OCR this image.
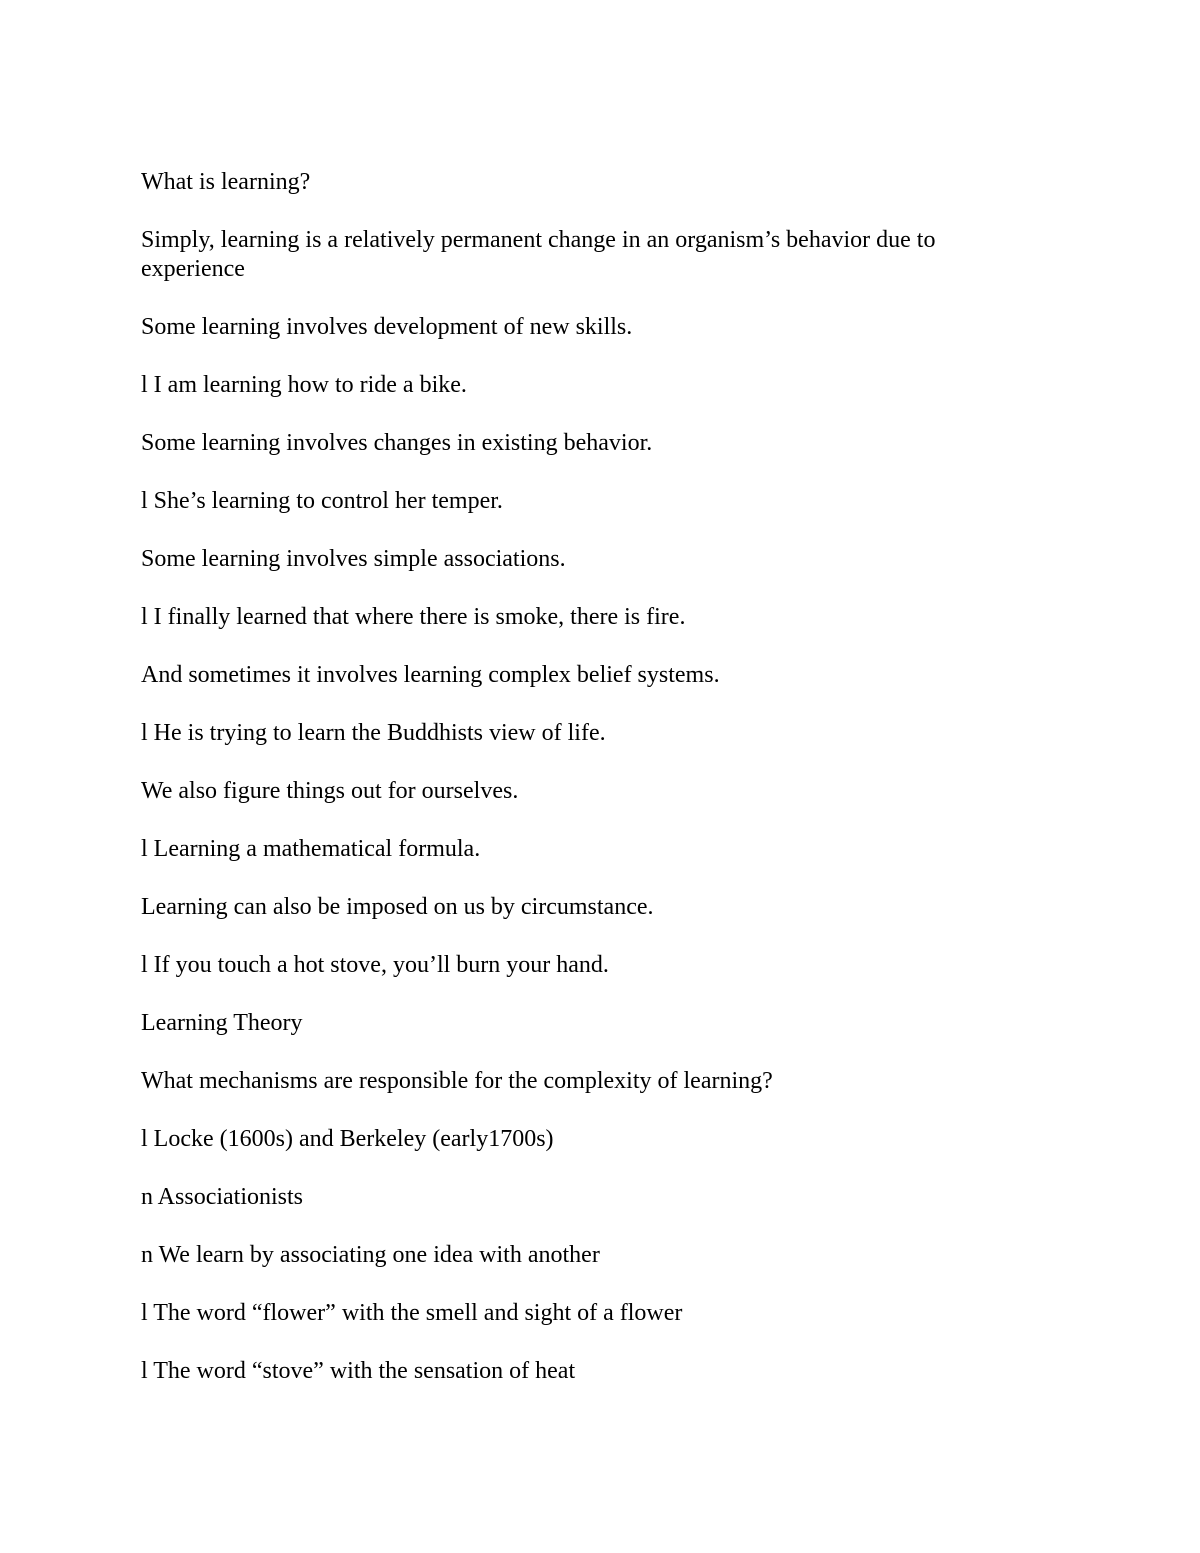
What is learning?

Simply, learning is a relatively permanent change in an organism’s behavior due to experience

Some learning involves development of new skills.

l I am learning how to ride a bike.

Some learning involves changes in existing behavior.

l She’s learning to control her temper.

Some learning involves simple associations.

l I finally learned that where there is smoke, there is fire.

And sometimes it involves learning complex belief systems.

l He is trying to learn the Buddhists view of life.

We also figure things out for ourselves.

l Learning a mathematical formula.

Learning can also be imposed on us by circumstance.

l If you touch a hot stove, you’ll burn your hand.

Learning Theory

What mechanisms are responsible for the complexity of learning?

l Locke (1600s) and Berkeley (early1700s)

n Associationists

n We learn by associating one idea with another

l The word “flower” with the smell and sight of a flower

l The word “stove” with the sensation of heat
